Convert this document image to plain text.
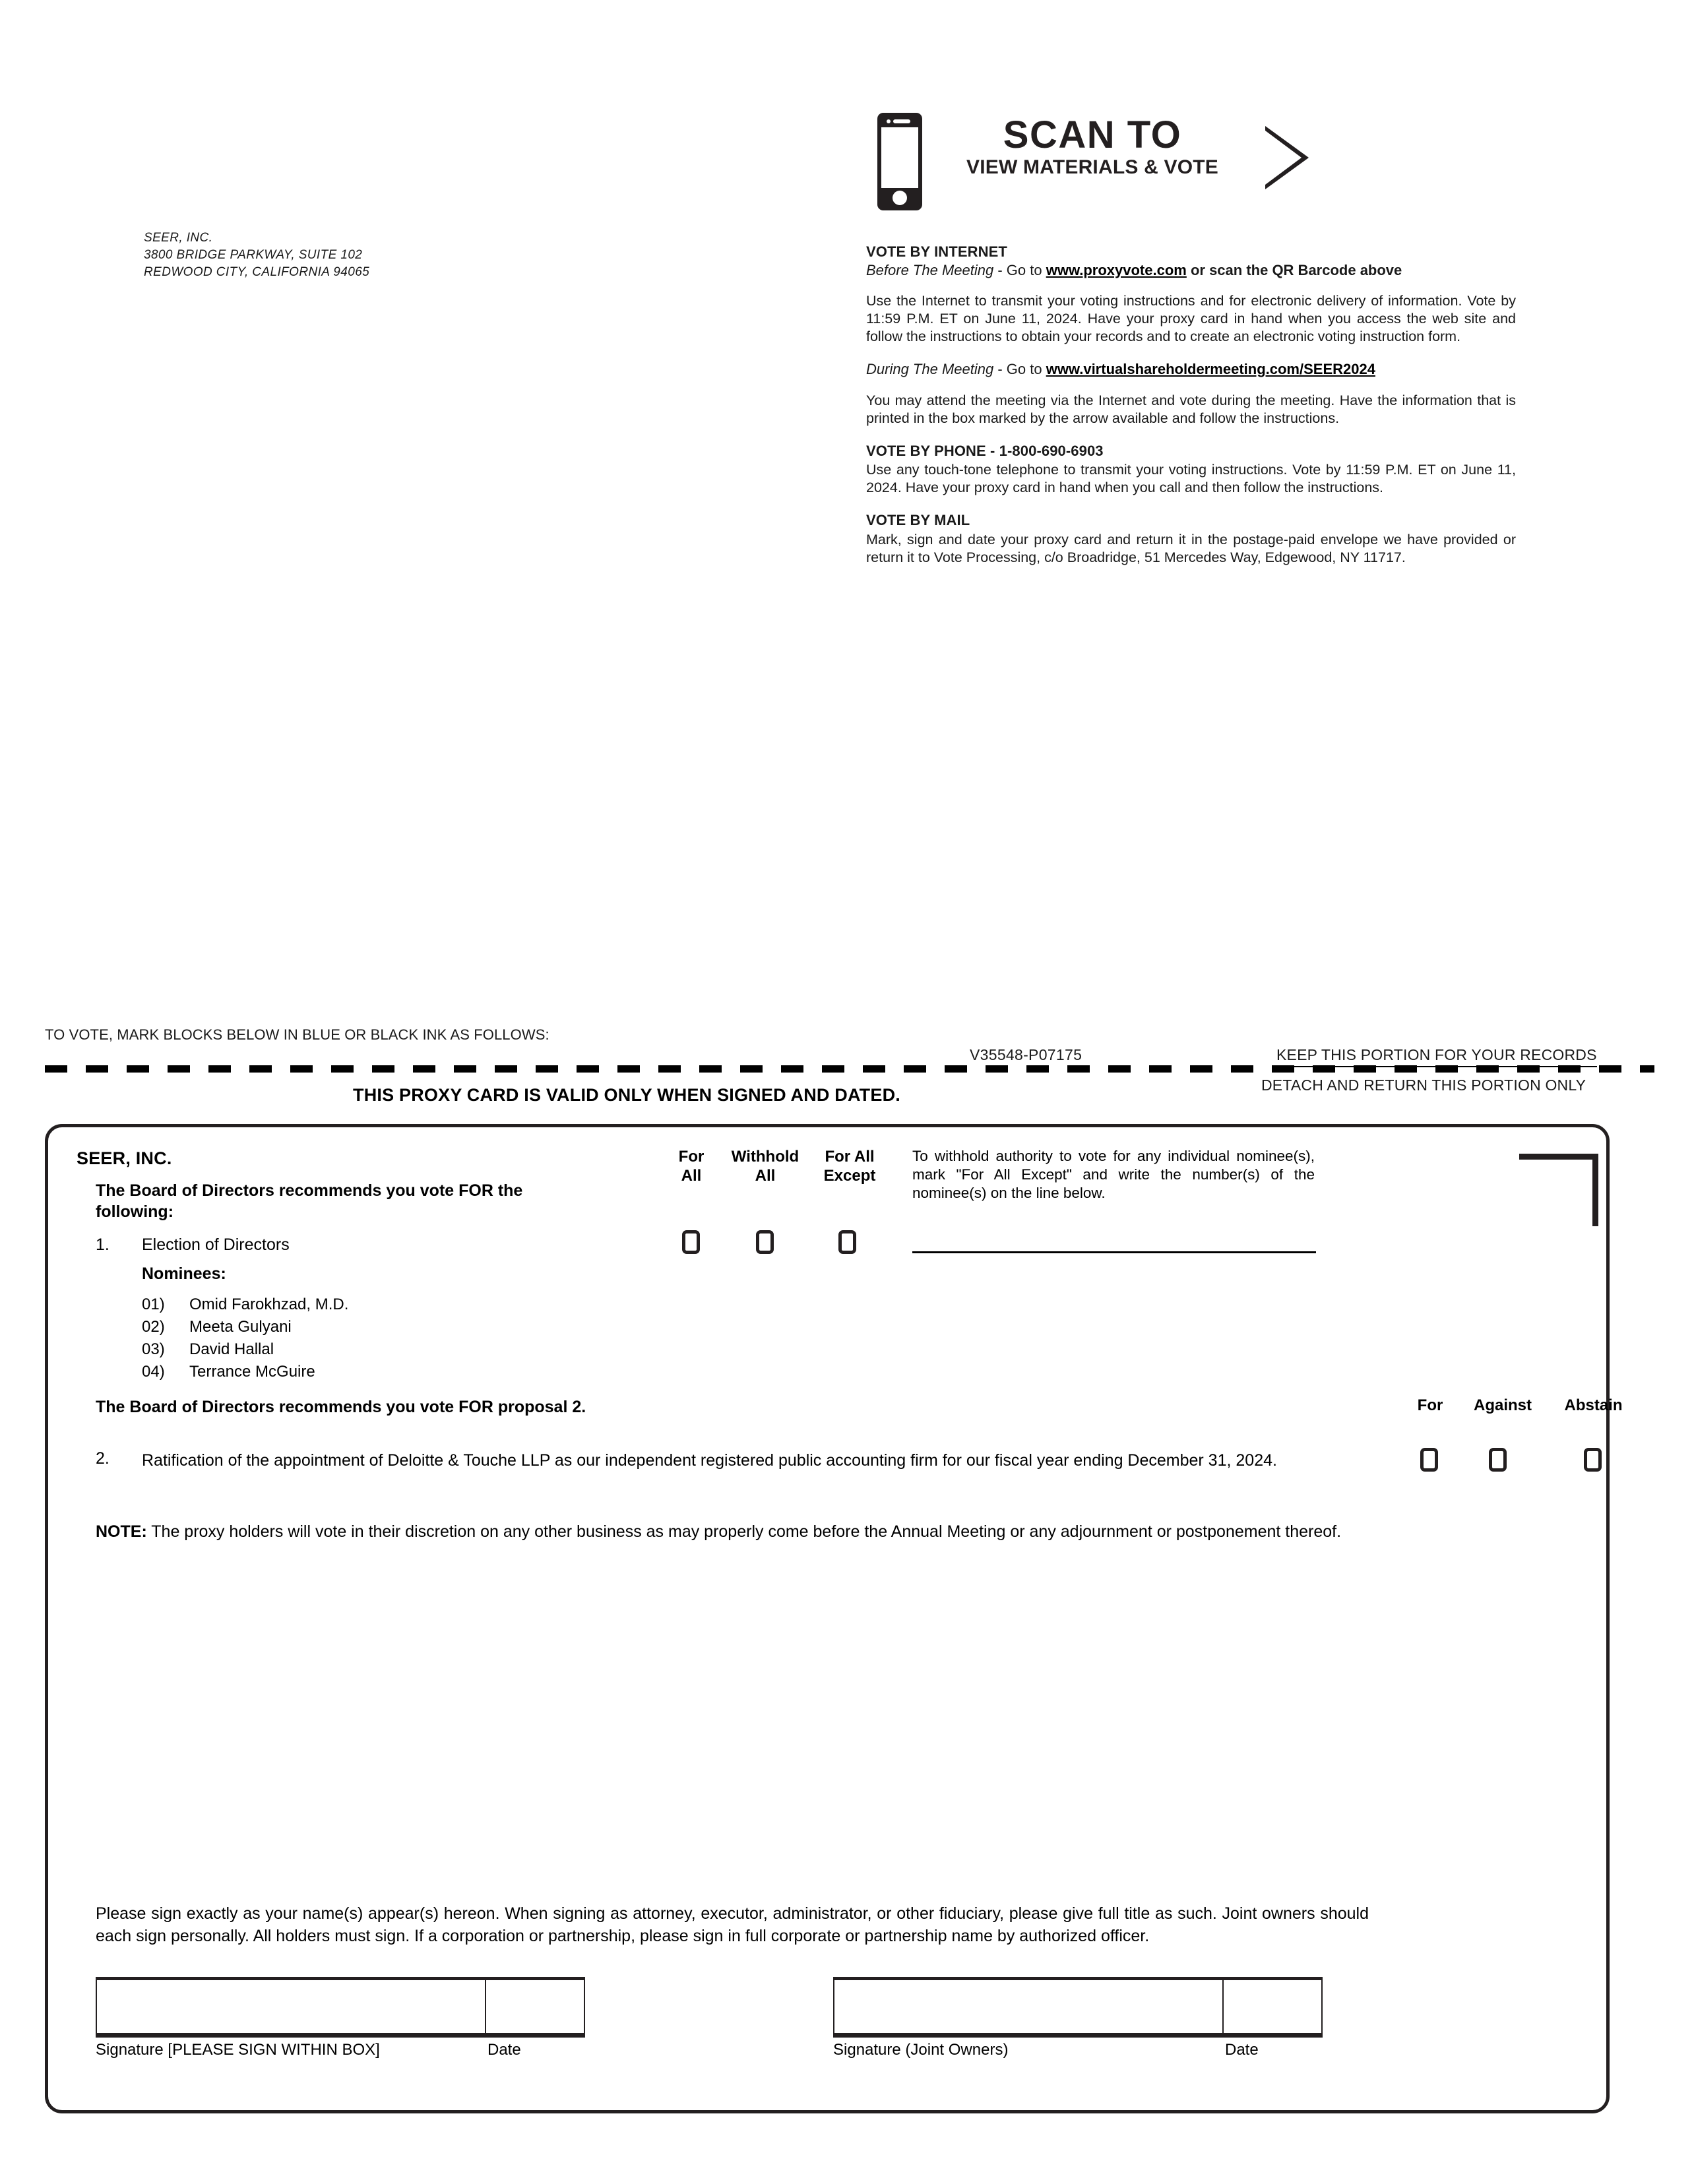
SEER, INC.
3800 BRIDGE PARKWAY, SUITE 102
REDWOOD CITY, CALIFORNIA 94065
SCAN TO
VIEW MATERIALS & VOTE
VOTE BY INTERNET
Before The Meeting - Go to www.proxyvote.com or scan the QR Barcode above
Use the Internet to transmit your voting instructions and for electronic delivery of information. Vote by 11:59 P.M. ET on June 11, 2024. Have your proxy card in hand when you access the web site and follow the instructions to obtain your records and to create an electronic voting instruction form.
During The Meeting - Go to www.virtualshareholdermeeting.com/SEER2024
You may attend the meeting via the Internet and vote during the meeting. Have the information that is printed in the box marked by the arrow available and follow the instructions.
VOTE BY PHONE - 1-800-690-6903
Use any touch-tone telephone to transmit your voting instructions. Vote by 11:59 P.M. ET on June 11, 2024. Have your proxy card in hand when you call and then follow the instructions.
VOTE BY MAIL
Mark, sign and date your proxy card and return it in the postage-paid envelope we have provided or return it to Vote Processing, c/o Broadridge, 51 Mercedes Way, Edgewood, NY 11717.
TO VOTE, MARK BLOCKS BELOW IN BLUE OR BLACK INK AS FOLLOWS:
V35548-P07175	KEEP THIS PORTION FOR YOUR RECORDS
DETACH AND RETURN THIS PORTION ONLY
THIS PROXY CARD IS VALID ONLY WHEN SIGNED AND DATED.
SEER, INC.
The Board of Directors recommends you vote FOR the following:
For
All
Withhold
All
For All
Except
1. Election of Directors
Nominees:
01) Omid Farokhzad, M.D.
02) Meeta Gulyani
03) David Hallal
04) Terrance McGuire
To withhold authority to vote for any individual nominee(s), mark "For All Except" and write the number(s) of the nominee(s) on the line below.
The Board of Directors recommends you vote FOR proposal 2.	For	Against	Abstain
2. Ratification of the appointment of Deloitte & Touche LLP as our independent registered public accounting firm for our fiscal year ending December 31, 2024.
NOTE: The proxy holders will vote in their discretion on any other business as may properly come before the Annual Meeting or any adjournment or postponement thereof.
Please sign exactly as your name(s) appear(s) hereon. When signing as attorney, executor, administrator, or other fiduciary, please give full title as such. Joint owners should each sign personally. All holders must sign. If a corporation or partnership, please sign in full corporate or partnership name by authorized officer.
Signature [PLEASE SIGN WITHIN BOX]	Date	Signature (Joint Owners)	Date
